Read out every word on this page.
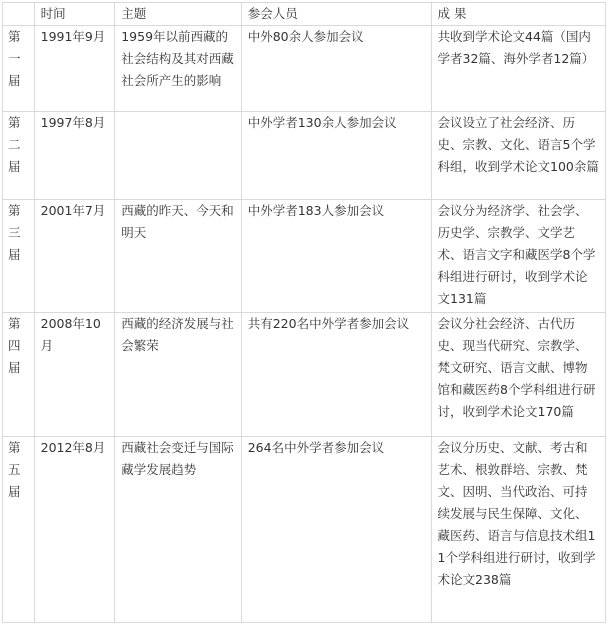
	时间	主题	参会人员	成 果
第一届	1991年9月	1959年以前西藏的社会结构及其对西藏社会所产生的影响	中外80余人参加会议	共收到学术论文44篇（国内学者32篇、海外学者12篇）
第二届	1997年8月		中外学者130余人参加会议	会议设立了社会经济、历史、宗教、文化、语言5个学科组，收到学术论文100余篇
第三届	2001年7月	西藏的昨天、今天和明天	中外学者183人参加会议	会议分为经济学、社会学、历史学、宗教学、文学艺术、语言文字和藏医学8个学科组进行研讨，收到学术论文131篇
第四届	2008年10月	西藏的经济发展与社会繁荣	共有220名中外学者参加会议	会议分社会经济、古代历史、现当代研究、宗教学、梵文研究、语言文献、博物馆和藏医药8个学科组进行研讨，收到学术论文170篇
第五届	2012年8月	西藏社会变迁与国际藏学发展趋势	264名中外学者参加会议	会议分历史、文献、考古和艺术、根敦群培、宗教、梵文、因明、当代政治、可持续发展与民生保障、文化、藏医药、语言与信息技术组11个学科组进行研讨，收到学术论文238篇
